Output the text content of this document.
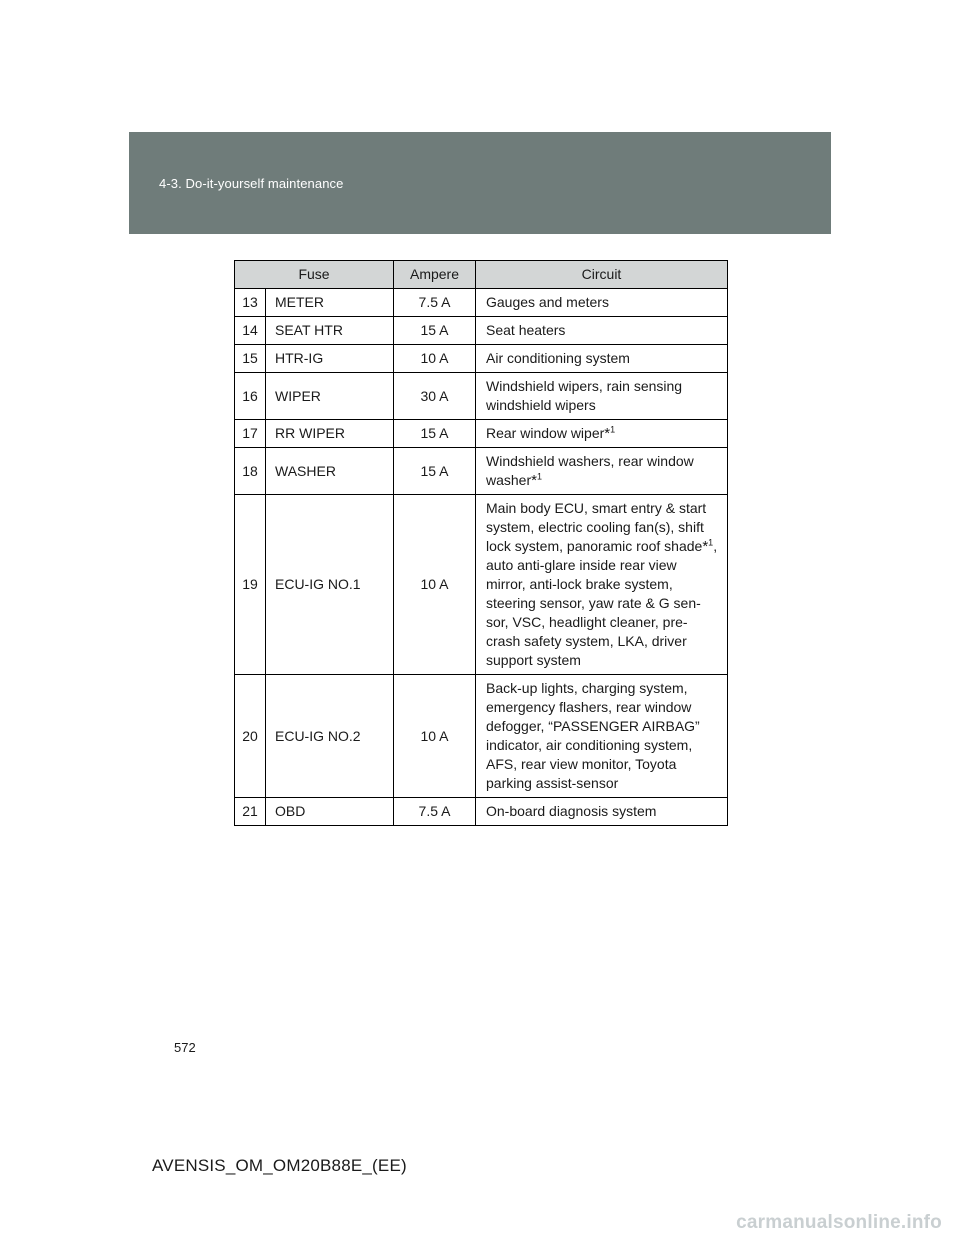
4-3. Do-it-yourself maintenance
Fuse		Ampere	Circuit
13	METER	7.5 A	Gauges and meters
14	SEAT HTR	15 A	Seat heaters
15	HTR-IG	10 A	Air conditioning system
16	WIPER	30 A	Windshield wipers, rain sensing windshield wipers
17	RR WIPER	15 A	Rear window wiper*$^1$
18	WASHER	15 A	Windshield washers, rear window washer*$^1$
19	ECU-IG NO.1	10 A	Main body ECU, smart entry & start system, electric cooling fan(s), shift lock system, panoramic roof shade*$^1$, auto anti-glare inside rear view mirror, anti-lock brake system, steering sensor, yaw rate & G sen- sor, VSC, headlight cleaner, pre- crash safety system, LKA, driver support system
20	ECU-IG NO.2	10 A	Back-up lights, charging system, emergency flashers, rear window defogger, “PASSENGER AIRBAG” indicator, air conditioning system, AFS, rear view monitor, Toyota parking assist-sensor
21	OBD	7.5 A	On-board diagnosis system
572
AVENSIS_OM_OM20B88E_(EE)
carmanualsonline.info
